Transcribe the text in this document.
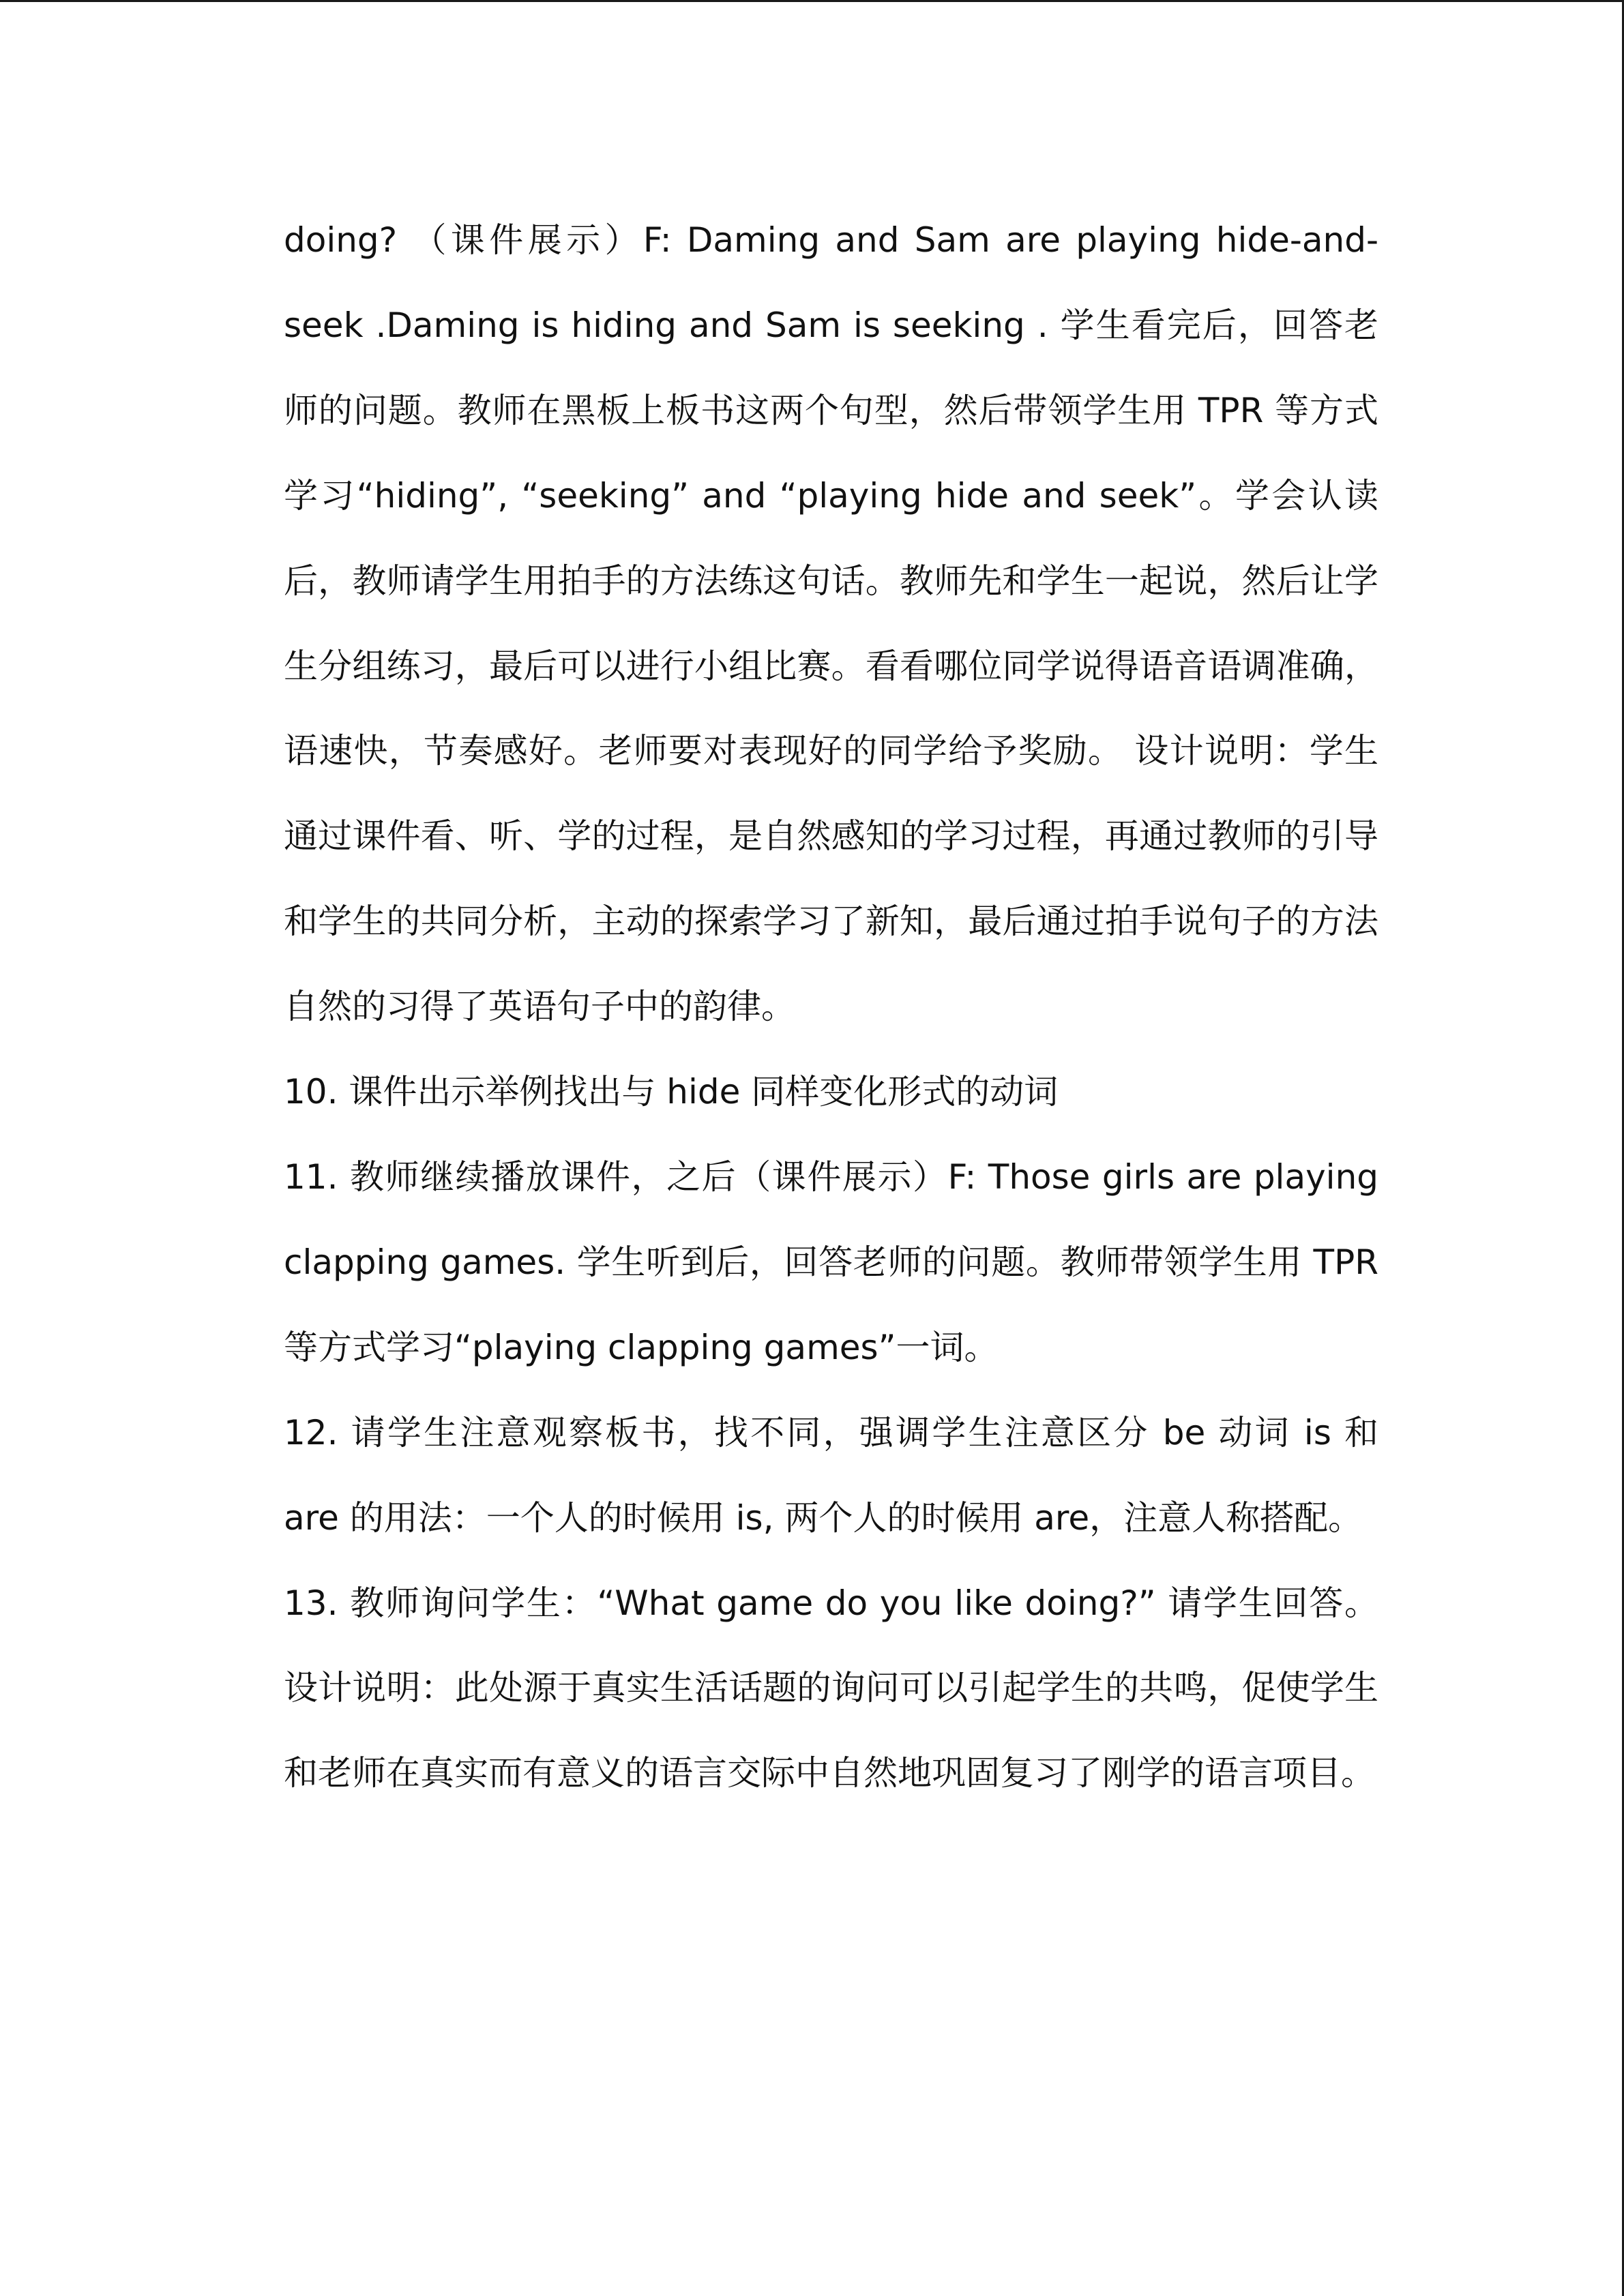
doing? （课件展示）F: Daming and Sam are playing hide-and-seek .Daming is hiding and Sam is seeking . 学生看完后，回答老师的问题。教师在黑板上板书这两个句型，然后带领学生用 TPR 等方式学习“hiding”, “seeking” and “playing hide and seek”。学会认读后，教师请学生用拍手的方法练这句话。教师先和学生一起说，然后让学生分组练习，最后可以进行小组比赛。看看哪位同学说得语音语调准确，语速快，节奏感好。老师要对表现好的同学给予奖励。 设计说明：学生通过课件看、听、学的过程，是自然感知的学习过程，再通过教师的引导和学生的共同分析，主动的探索学习了新知，最后通过拍手说句子的方法自然的习得了英语句子中的韵律。

10. 课件出示举例找出与 hide 同样变化形式的动词

11. 教师继续播放课件，之后（课件展示）F: Those girls are playing clapping games. 学生听到后，回答老师的问题。教师带领学生用 TPR 等方式学习“playing clapping games”一词。

12. 请学生注意观察板书，找不同，强调学生注意区分 be 动词 is 和 are 的用法：一个人的时候用 is, 两个人的时候用 are，注意人称搭配。

13. 教师询问学生：“What game do you like doing?” 请学生回答。 设计说明：此处源于真实生活话题的询问可以引起学生的共鸣，促使学生和老师在真实而有意义的语言交际中自然地巩固复习了刚学的语言项目。
